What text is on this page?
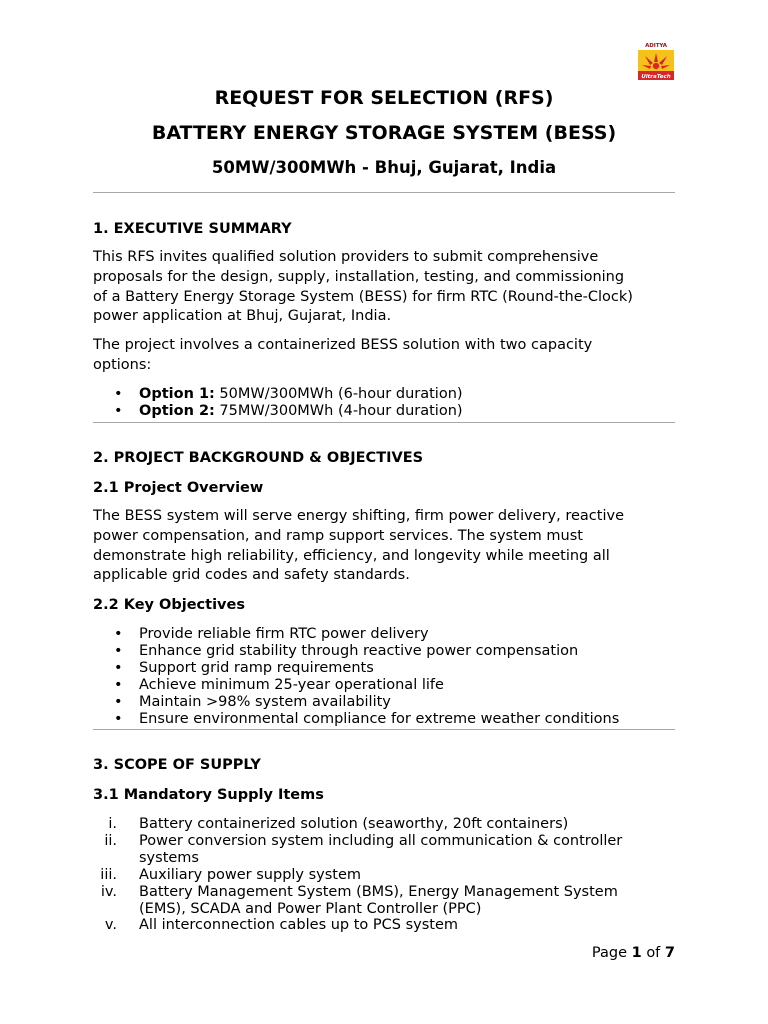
ADITYA
UltraTech
REQUEST FOR SELECTION (RFS)
BATTERY ENERGY STORAGE SYSTEM (BESS)
50MW/300MWh - Bhuj, Gujarat, India
1. EXECUTIVE SUMMARY
This RFS invites qualified solution providers to submit comprehensive
proposals for the design, supply, installation, testing, and commissioning
of a Battery Energy Storage System (BESS) for firm RTC (Round-the-Clock)
power application at Bhuj, Gujarat, India.
The project involves a containerized BESS solution with two capacity
options:
• Option 1: 50MW/300MWh (6-hour duration)
• Option 2: 75MW/300MWh (4-hour duration)
2. PROJECT BACKGROUND & OBJECTIVES
2.1 Project Overview
The BESS system will serve energy shifting, firm power delivery, reactive
power compensation, and ramp support services. The system must
demonstrate high reliability, efficiency, and longevity while meeting all
applicable grid codes and safety standards.
2.2 Key Objectives
• Provide reliable firm RTC power delivery
• Enhance grid stability through reactive power compensation
• Support grid ramp requirements
• Achieve minimum 25-year operational life
• Maintain >98% system availability
• Ensure environmental compliance for extreme weather conditions
3. SCOPE OF SUPPLY
3.1 Mandatory Supply Items
i. Battery containerized solution (seaworthy, 20ft containers)
ii. Power conversion system including all communication & controller
systems
iii. Auxiliary power supply system
iv. Battery Management System (BMS), Energy Management System
(EMS), SCADA and Power Plant Controller (PPC)
v. All interconnection cables up to PCS system
Page 1 of 7
